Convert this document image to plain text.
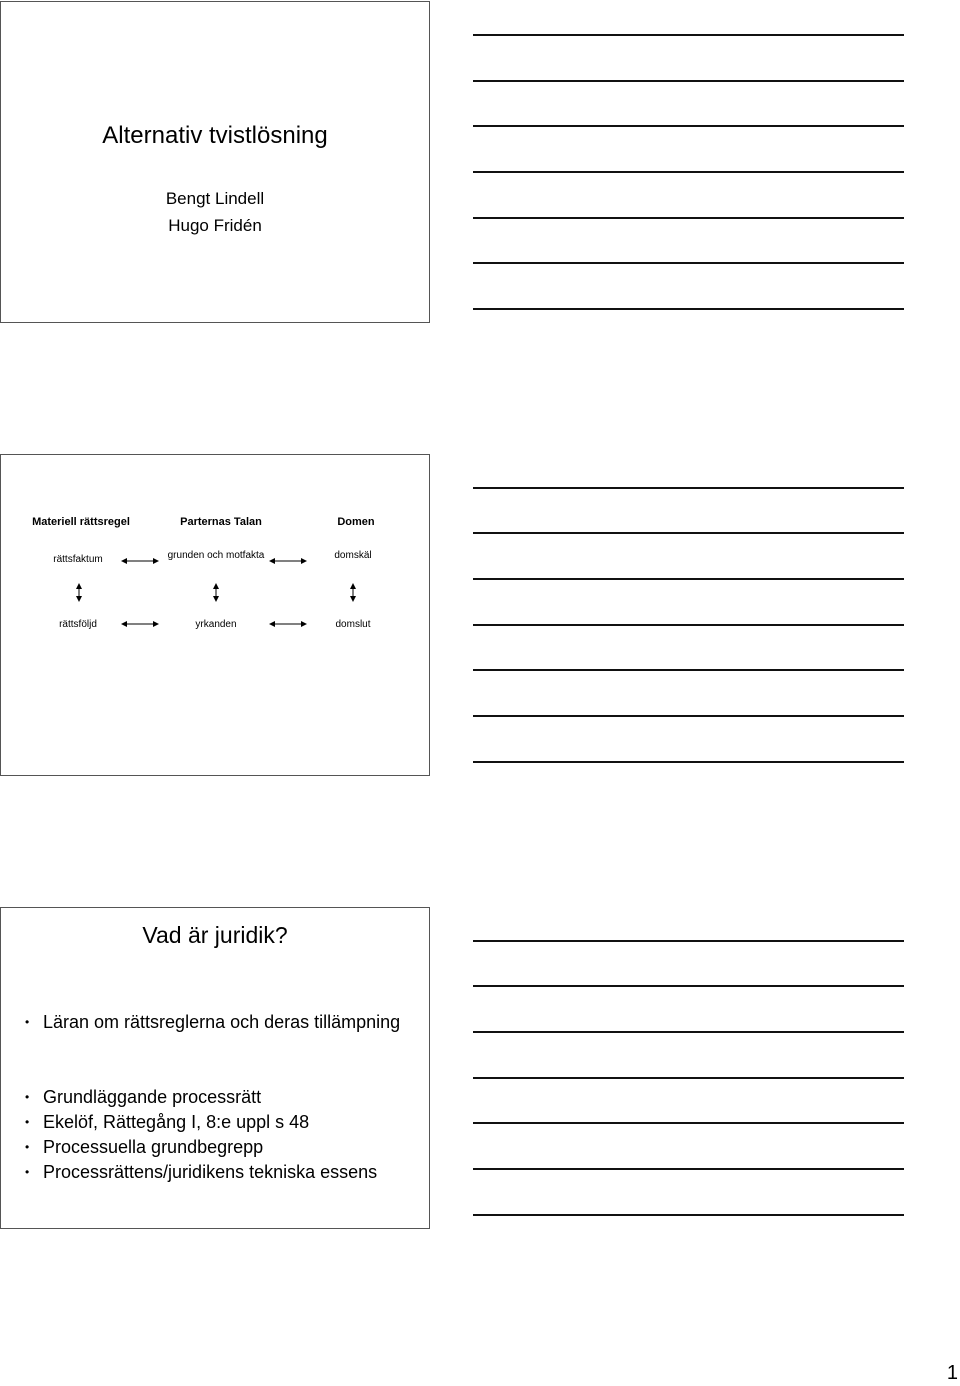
Alternativ tvistlösning
Bengt Lindell
Hugo Fridén
Materiell rättsregel	Parternas Talan	Domen
rättsfaktum	grunden och motfakta	domskäl
rättsföljd	yrkanden	domslut
Vad är juridik?
• Läran om rättsreglerna och deras tillämpning
• Grundläggande processrätt
• Ekelöf, Rättegång I, 8:e uppl s 48
• Processuella grundbegrepp
• Processrättens/juridikens tekniska essens
1
